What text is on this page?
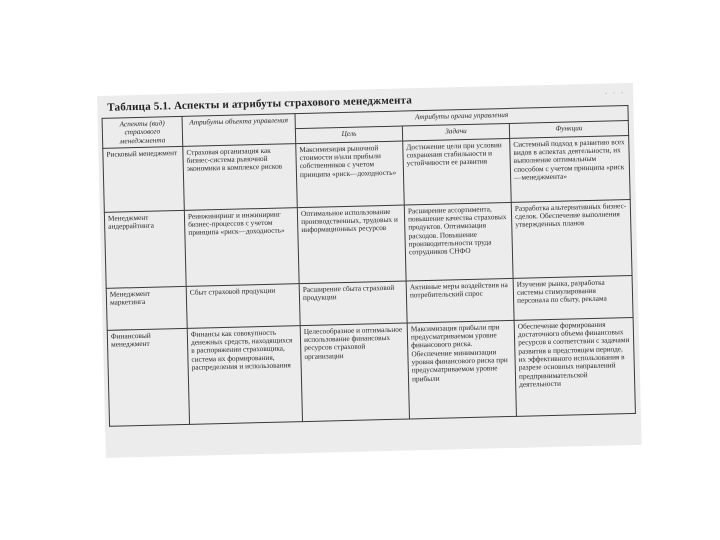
. . .
Таблица 5.1. Аспекты и атрибуты страхового менеджмента
Аспекты (вид) страхового менеджмента	Атрибуты объекта управления	Атрибуты органа управления		
		Цель	Задачи	Функции
Рисковый менеджмент	Страховая организация как бизнес-система рыночной экономики в комплексе рисков	Максимизация рыночной стоимости и/или прибыли собственников с учетом принципа «риск—доходность»	Достижение цели при условии сохранения стабильности и устойчивости ее развития	Системный подход к развитию всех видов в аспектах деятельности, их выполнение оптимальным способом с учетом принципа «риск—менеджмента»
Менеджмент андеррайтинга	Реинжиниринг и инжиниринг бизнес-процессов с учетом принципа «риск—доходность»	Оптимальное использование производственных, трудовых и информационных ресурсов	Расширение ассортимента, повышение качества страховых продуктов. Оптимизация расходов. Повышение производительности труда сотрудников СНФО	Разработка альтернативных бизнес-сделок. Обеспечение выполнения утвержденных планов
Менеджмент маркетинга	Сбыт страховой продукции	Расширение сбыта страховой продукции	Активные меры воздействия на потребительский спрос	Изучение рынка, разработка системы стимулирования персонала по сбыту, реклама
Финансовый менеджмент	Финансы как совокупность денежных средств, находящихся в распоряжении страховщика, система их формирования, распределения и использования	Целесообразное и оптимальное использование финансовых ресурсов страховой организации	Максимизация прибыли при предусматриваемом уровне финансового риска. Обеспечение минимизации уровня финансового риска при предусматриваемом уровне прибыли	Обеспечение формирования достаточного объема финансовых ресурсов в соответствии с задачами развития в предстоящем периоде, их эффективного использования в разрезе основных направлений предпринимательской деятельности
